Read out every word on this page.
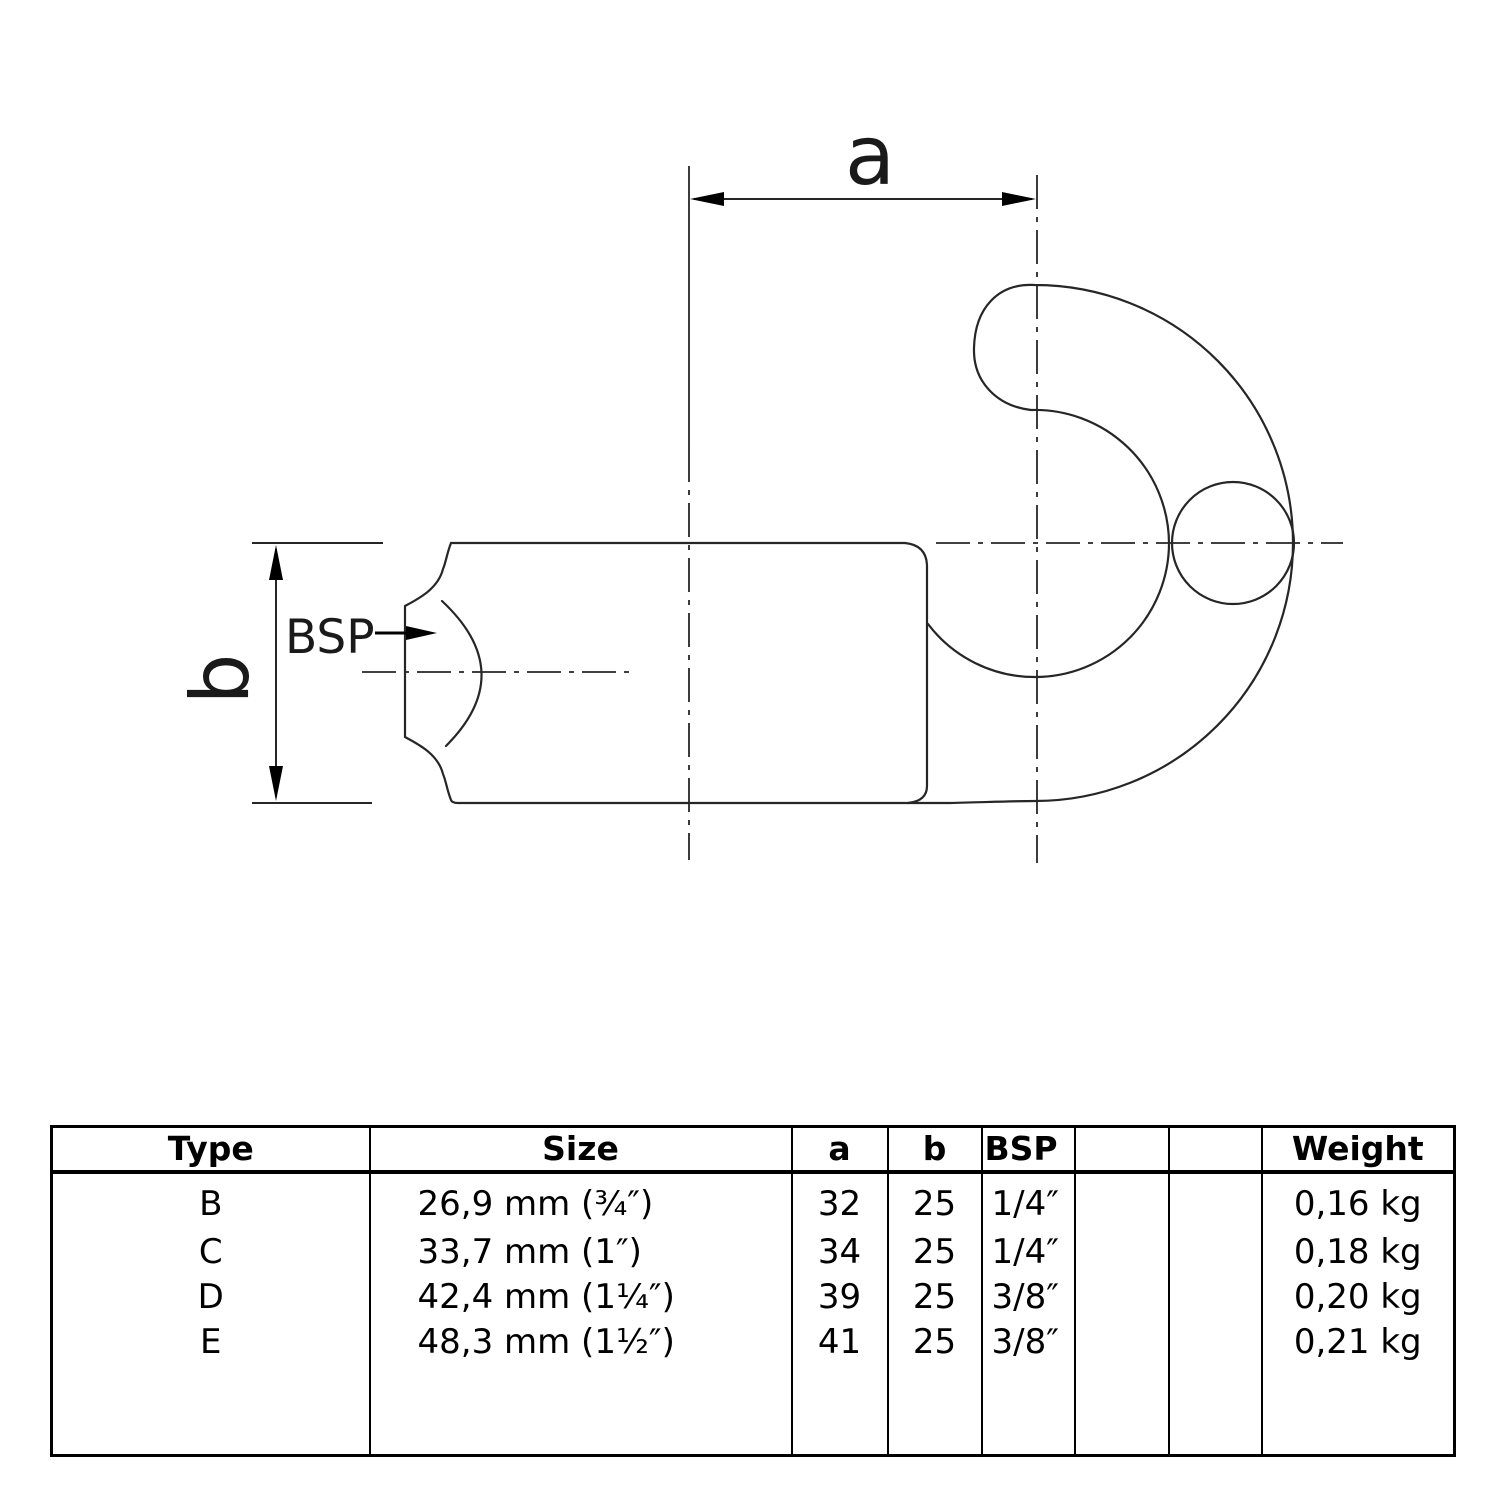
a
b
BSP
Type	Size	a	b	BSP			Weight
B	26,9 mm (¾″)	32	25	1/4″			0,16 kg
C	33,7 mm (1″)	34	25	1/4″			0,18 kg
D	42,4 mm (1¼″)	39	25	3/8″			0,20 kg
E	48,3 mm (1½″)	41	25	3/8″			0,21 kg
